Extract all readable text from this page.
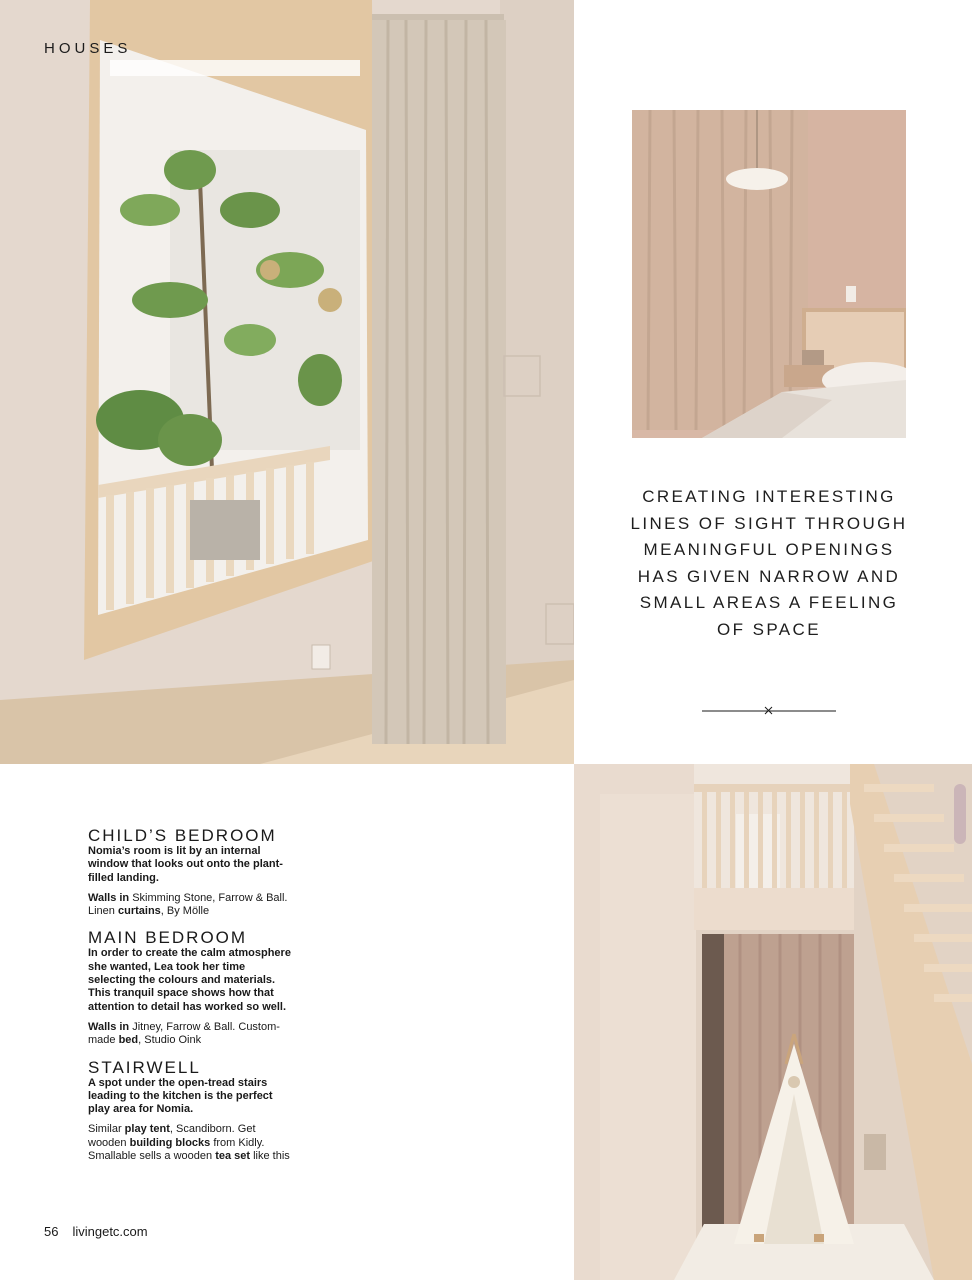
HOUSES

CREATING INTERESTING LINES OF SIGHT THROUGH MEANINGFUL OPENINGS HAS GIVEN NARROW AND SMALL AREAS A FEELING OF SPACE

CHILD’S BEDROOM

Nomia’s room is lit by an internal window that looks out onto the plant-filled landing.

Walls in Skimming Stone, Farrow & Ball. Linen curtains, By Mölle

MAIN BEDROOM

In order to create the calm atmosphere she wanted, Lea took her time selecting the colours and materials. This tranquil space shows how that attention to detail has worked so well.

Walls in Jitney, Farrow & Ball. Custom-made bed, Studio Oink

STAIRWELL

A spot under the open-tread stairs leading to the kitchen is the perfect play area for Nomia.

Similar play tent, Scandiborn. Get wooden building blocks from Kidly. Smallable sells a wooden tea set like this

56 livingetc.com
